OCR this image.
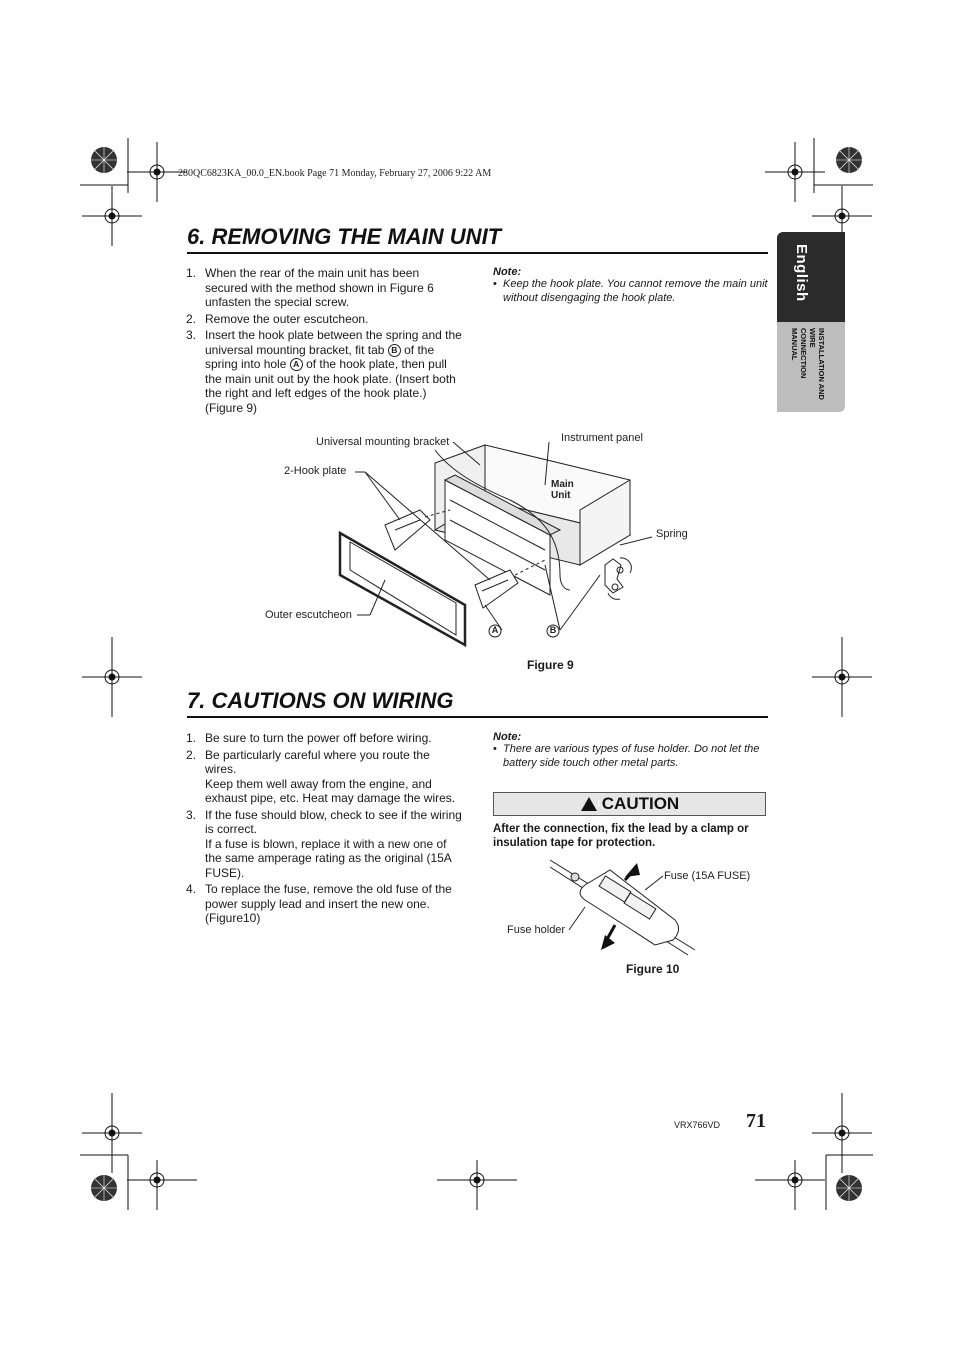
280QC6823KA_00.0_EN.book Page 71 Monday, February 27, 2006 9:22 AM
English
INSTALLATION AND WIRE
CONNECTION MANUAL
6. REMOVING THE MAIN UNIT
1. When the rear of the main unit has been secured with the method shown in Figure 6 unfasten the special screw.
2. Remove the outer escutcheon.
3. Insert the hook plate between the spring and the universal mounting bracket, fit tab B of the spring into hole A of the hook plate, then pull the main unit out by the hook plate. (Insert both the right and left edges of the hook plate.) (Figure 9)
Note:
• Keep the hook plate. You cannot remove the main unit without disengaging the hook plate.
Universal mounting bracket	Instrument panel
2-Hook plate
Main
Unit
Spring
Outer escutcheon
A	B
Figure 9
7. CAUTIONS ON WIRING
1. Be sure to turn the power off before wiring.
2. Be particularly careful where you route the wires.
Keep them well away from the engine, and exhaust pipe, etc. Heat may damage the wires.
3. If the fuse should blow, check to see if the wiring is correct.
If a fuse is blown, replace it with a new one of the same amperage rating as the original (15A FUSE).
4. To replace the fuse, remove the old fuse of the power supply lead and insert the new one. (Figure10)
Note:
• There are various types of fuse holder. Do not let the battery side touch other metal parts.
! CAUTION
After the connection, fix the lead by a clamp or insulation tape for protection.
Fuse (15A FUSE)
Fuse holder
Figure 10
VRX766VD 71
